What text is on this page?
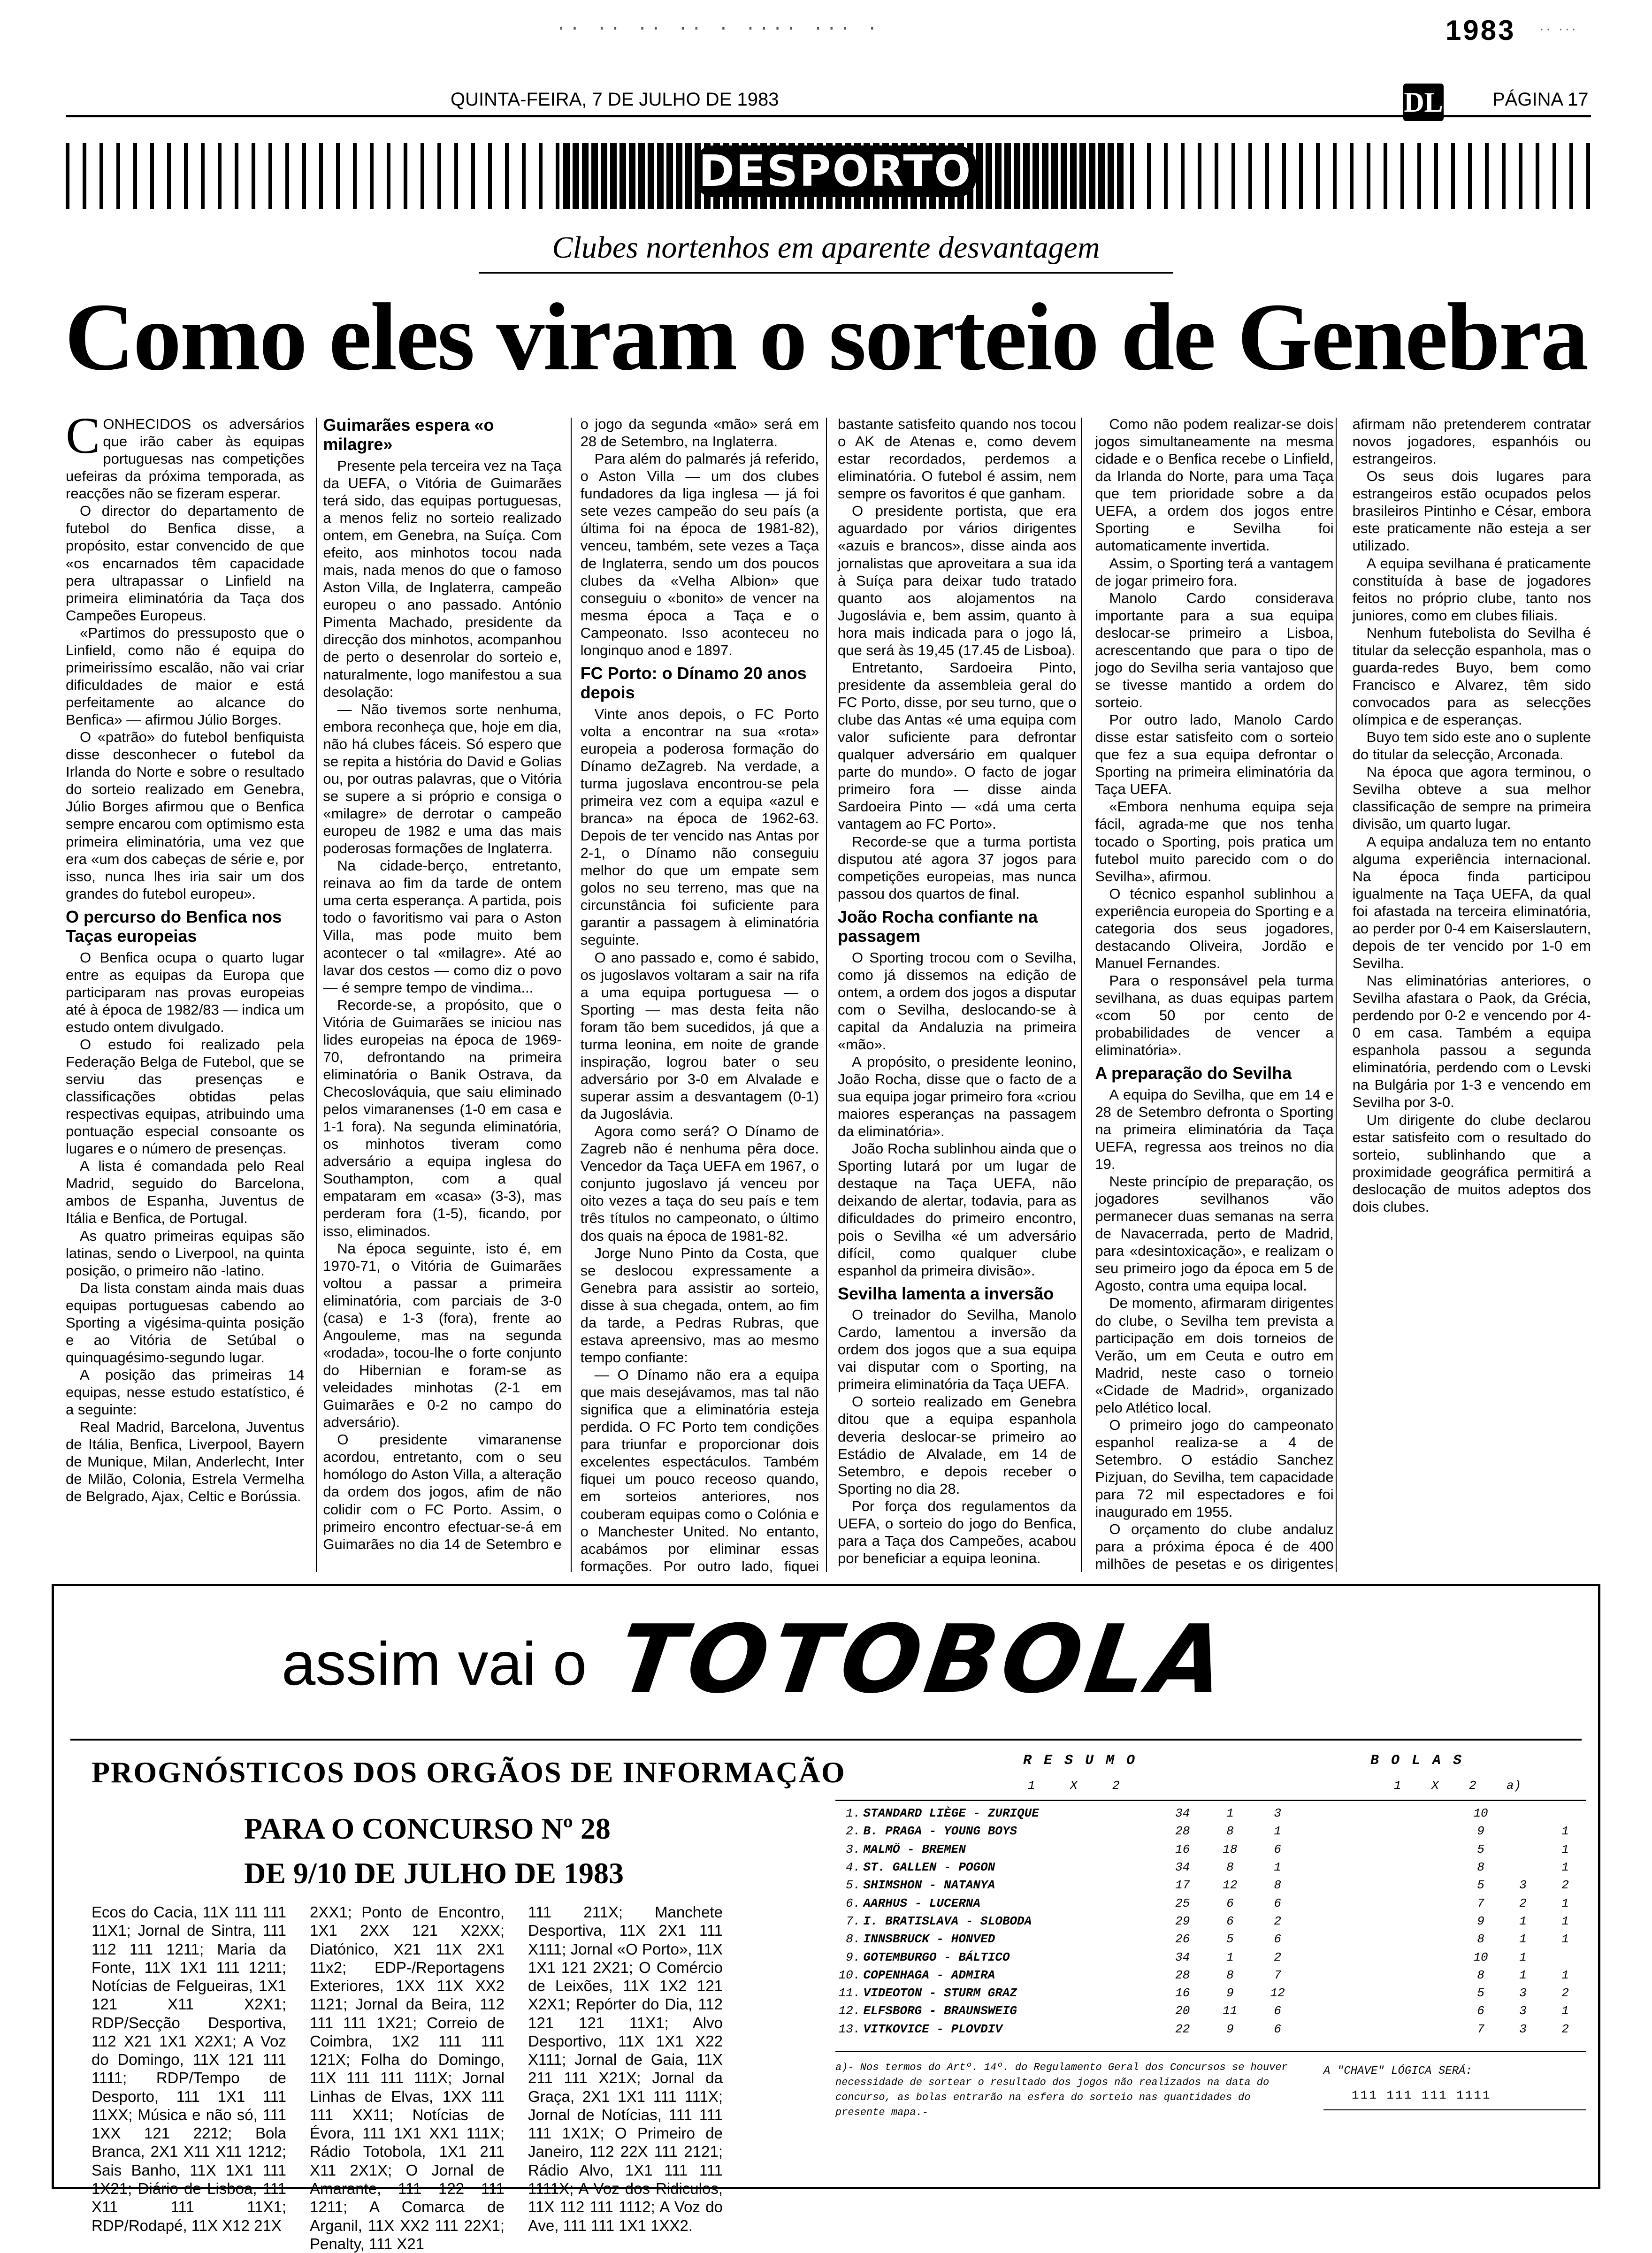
·· ·· ·· ·· · ···· ··· ·	1983 ·· ···
QUINTA-FEIRA, 7 DE JULHO DE 1983	DL	PÁGINA 17
DESPORTO
Clubes nortenhos em aparente desvantagem
Como eles viram o sorteio de Genebra

CONHECIDOS os adversários que irão caber às equipas portuguesas nas competições uefeiras da próxima temporada, as reacções não se fizeram esperar.

O director do departamento de futebol do Benfica disse, a propósito, estar convencido de que «os encarnados têm capacidade pera ultrapassar o Linfield na primeira eliminatória da Taça dos Campeões Europeus.

«Partimos do pressuposto que o Linfield, como não é equipa do primeirissímo escalão, não vai criar dificuldades de maior e está perfeitamente ao alcance do Benfica» — afirmou Júlio Borges.

O «patrão» do futebol benfiquista disse desconhecer o futebol da Irlanda do Norte e sobre o resultado do sorteio realizado em Genebra, Júlio Borges afirmou que o Benfica sempre encarou com optimismo esta primeira eliminatória, uma vez que era «um dos cabeças de série e, por isso, nunca lhes iria sair um dos grandes do futebol europeu».

O percurso do Benfica nos Taças europeias

O Benfica ocupa o quarto lugar entre as equipas da Europa que participaram nas provas europeias até à época de 1982/83 — indica um estudo ontem divulgado.

O estudo foi realizado pela Federação Belga de Futebol, que se serviu das presenças e classificações obtidas pelas respectivas equipas, atribuindo uma pontuação especial consoante os lugares e o número de presenças.

A lista é comandada pelo Real Madrid, seguido do Barcelona, ambos de Espanha, Juventus de Itália e Benfica, de Portugal.

As quatro primeiras equipas são latinas, sendo o Liverpool, na quinta posição, o primeiro não -latino.

Da lista constam ainda mais duas equipas portuguesas cabendo ao Sporting a vigésima-quinta posição e ao Vitória de Setúbal o quinquagésimo-segundo lugar.

A posição das primeiras 14 equipas, nesse estudo estatístico, é a seguinte:

Real Madrid, Barcelona, Juventus de Itália, Benfica, Liverpool, Bayern de Munique, Milan, Anderlecht, Inter de Milão, Colonia, Estrela Vermelha de Belgrado, Ajax, Celtic e Borússia.

Guimarães espera «o milagre»

Presente pela terceira vez na Taça da UEFA, o Vitória de Guimarães terá sido, das equipas portuguesas, a menos feliz no sorteio realizado ontem, em Genebra, na Suíça. Com efeito, aos minhotos tocou nada mais, nada menos do que o famoso Aston Villa, de Inglaterra, campeão europeu o ano passado. António Pimenta Machado, presidente da direcção dos minhotos, acompanhou de perto o desenrolar do sorteio e, naturalmente, logo manifestou a sua desolação:

— Não tivemos sorte nenhuma, embora reconheça que, hoje em dia, não há clubes fáceis. Só espero que se repita a história do David e Golias ou, por outras palavras, que o Vitória se supere a si próprio e consiga o «milagre» de derrotar o campeão europeu de 1982 e uma das mais poderosas formações de Inglaterra.

Na cidade-berço, entretanto, reinava ao fim da tarde de ontem uma certa esperança. A partida, pois todo o favoritismo vai para o Aston Villa, mas pode muito bem acontecer o tal «milagre». Até ao lavar dos cestos — como diz o povo — é sempre tempo de vindima...

Recorde-se, a propósito, que o Vitória de Guimarães se iniciou nas lides europeias na época de 1969-70, defrontando na primeira eliminatória o Banik Ostrava, da Checoslováquia, que saiu eliminado pelos vimaranenses (1-0 em casa e 1-1 fora). Na segunda eliminatória, os minhotos tiveram como adversário a equipa inglesa do Southampton, com a qual empataram em «casa» (3-3), mas perderam fora (1-5), ficando, por isso, eliminados.

Na época seguinte, isto é, em 1970-71, o Vitória de Guimarães voltou a passar a primeira eliminatória, com parciais de 3-0 (casa) e 1-3 (fora), frente ao Angouleme, mas na segunda «rodada», tocou-lhe o forte conjunto do Hibernian e foram-se as veleidades minhotas (2-1 em Guimarães e 0-2 no campo do adversário).

O presidente vimaranense acordou, entretanto, com o seu homólogo do Aston Villa, a alteração da ordem dos jogos, afim de não colidir com o FC Porto. Assim, o primeiro encontro efectuar-se-á em Guimarães no dia 14 de Setembro e o jogo da segunda «mão» será em 28 de Setembro, na Inglaterra.

Para além do palmarés já referido, o Aston Villa — um dos clubes fundadores da liga inglesa — já foi sete vezes campeão do seu país (a última foi na época de 1981-82), venceu, também, sete vezes a Taça de Inglaterra, sendo um dos poucos clubes da «Velha Albion» que conseguiu o «bonito» de vencer na mesma época a Taça e o Campeonato. Isso aconteceu no longinquo anod e 1897.

FC Porto: o Dínamo 20 anos depois

Vinte anos depois, o FC Porto volta a encontrar na sua «rota» europeia a poderosa formação do Dínamo deZagreb. Na verdade, a turma jugoslava encontrou-se pela primeira vez com a equipa «azul e branca» na época de 1962-63. Depois de ter vencido nas Antas por 2-1, o Dínamo não conseguiu melhor do que um empate sem golos no seu terreno, mas que na circunstância foi suficiente para garantir a passagem à eliminatória seguinte.

O ano passado e, como é sabido, os jugoslavos voltaram a sair na rifa a uma equipa portuguesa — o Sporting — mas desta feita não foram tão bem sucedidos, já que a turma leonina, em noite de grande inspiração, logrou bater o seu adversário por 3-0 em Alvalade e superar assim a desvantagem (0-1) da Jugoslávia.

Agora como será? O Dínamo de Zagreb não é nenhuma pêra doce. Vencedor da Taça UEFA em 1967, o conjunto jugoslavo já venceu por oito vezes a taça do seu país e tem três títulos no campeonato, o último dos quais na época de 1981-82.

Jorge Nuno Pinto da Costa, que se deslocou expressamente a Genebra para assistir ao sorteio, disse à sua chegada, ontem, ao fim da tarde, a Pedras Rubras, que estava apreensivo, mas ao mesmo tempo confiante:

— O Dínamo não era a equipa que mais desejávamos, mas tal não significa que a eliminatória esteja perdida. O FC Porto tem condições para triunfar e proporcionar dois excelentes espectáculos. Também fiquei um pouco receoso quando, em sorteios anteriores, nos couberam equipas como o Colónia e o Manchester United. No entanto, acabámos por eliminar essas formações. Por outro lado, fiquei bastante satisfeito quando nos tocou o AK de Atenas e, como devem estar recordados, perdemos a eliminatória. O futebol é assim, nem sempre os favoritos é que ganham.

O presidente portista, que era aguardado por vários dirigentes «azuis e brancos», disse ainda aos jornalistas que aproveitara a sua ida à Suíça para deixar tudo tratado quanto aos alojamentos na Jugoslávia e, bem assim, quanto à hora mais indicada para o jogo lá, que será às 19,45 (17.45 de Lisboa).

Entretanto, Sardoeira Pinto, presidente da assembleia geral do FC Porto, disse, por seu turno, que o clube das Antas «é uma equipa com valor suficiente para defrontar qualquer adversário em qualquer parte do mundo». O facto de jogar primeiro fora — disse ainda Sardoeira Pinto — «dá uma certa vantagem ao FC Porto».

Recorde-se que a turma portista disputou até agora 37 jogos para competições europeias, mas nunca passou dos quartos de final.

João Rocha confiante na passagem

O Sporting trocou com o Sevilha, como já dissemos na edição de ontem, a ordem dos jogos a disputar com o Sevilha, deslocando-se à capital da Andaluzia na primeira «mão».

A propósito, o presidente leonino, João Rocha, disse que o facto de a sua equipa jogar primeiro fora «criou maiores esperanças na passagem da eliminatória».

João Rocha sublinhou ainda que o Sporting lutará por um lugar de destaque na Taça UEFA, não deixando de alertar, todavia, para as dificuldades do primeiro encontro, pois o Sevilha «é um adversário difícil, como qualquer clube espanhol da primeira divisão».

Sevilha lamenta a inversão

O treinador do Sevilha, Manolo Cardo, lamentou a inversão da ordem dos jogos que a sua equipa vai disputar com o Sporting, na primeira eliminatória da Taça UEFA.

O sorteio realizado em Genebra ditou que a equipa espanhola deveria deslocar-se primeiro ao Estádio de Alvalade, em 14 de Setembro, e depois receber o Sporting no dia 28.

Por força dos regulamentos da UEFA, o sorteio do jogo do Benfica, para a Taça dos Campeões, acabou por beneficiar a equipa leonina.

Como não podem realizar-se dois jogos simultaneamente na mesma cidade e o Benfica recebe o Linfield, da Irlanda do Norte, para uma Taça que tem prioridade sobre a da UEFA, a ordem dos jogos entre Sporting e Sevilha foi automaticamente invertida.

Assim, o Sporting terá a vantagem de jogar primeiro fora.

Manolo Cardo considerava importante para a sua equipa deslocar-se primeiro a Lisboa, acrescentando que para o tipo de jogo do Sevilha seria vantajoso que se tivesse mantido a ordem do sorteio.

Por outro lado, Manolo Cardo disse estar satisfeito com o sorteio que fez a sua equipa defrontar o Sporting na primeira eliminatória da Taça UEFA.

«Embora nenhuma equipa seja fácil, agrada-me que nos tenha tocado o Sporting, pois pratica um futebol muito parecido com o do Sevilha», afirmou.

O técnico espanhol sublinhou a experiência europeia do Sporting e a categoria dos seus jogadores, destacando Oliveira, Jordão e Manuel Fernandes.

Para o responsável pela turma sevilhana, as duas equipas partem «com 50 por cento de probabilidades de vencer a eliminatória».

A preparação do Sevilha

A equipa do Sevilha, que em 14 e 28 de Setembro defronta o Sporting na primeira eliminatória da Taça UEFA, regressa aos treinos no dia 19.

Neste princípio de preparação, os jogadores sevilhanos vão permanecer duas semanas na serra de Navacerrada, perto de Madrid, para «desintoxicação», e realizam o seu primeiro jogo da época em 5 de Agosto, contra uma equipa local.

De momento, afirmaram dirigentes do clube, o Sevilha tem prevista a participação em dois torneios de Verão, um em Ceuta e outro em Madrid, neste caso o torneio «Cidade de Madrid», organizado pelo Atlético local.

O primeiro jogo do campeonato espanhol realiza-se a 4 de Setembro. O estádio Sanchez Pizjuan, do Sevilha, tem capacidade para 72 mil espectadores e foi inaugurado em 1955.

O orçamento do clube andaluz para a próxima época é de 400 milhões de pesetas e os dirigentes afirmam não pretenderem contratar novos jogadores, espanhóis ou estrangeiros.

Os seus dois lugares para estrangeiros estão ocupados pelos brasileiros Pintinho e César, embora este praticamente não esteja a ser utilizado.

A equipa sevilhana é praticamente constituída à base de jogadores feitos no próprio clube, tanto nos juniores, como em clubes filiais.

Nenhum futebolista do Sevilha é titular da selecção espanhola, mas o guarda-redes Buyo, bem como Francisco e Alvarez, têm sido convocados para as selecções olímpica e de esperanças.

Buyo tem sido este ano o suplente do titular da selecção, Arconada.

Na época que agora terminou, o Sevilha obteve a sua melhor classificação de sempre na primeira divisão, um quarto lugar.

A equipa andaluza tem no entanto alguma experiência internacional. Na época finda participou igualmente na Taça UEFA, da qual foi afastada na terceira eliminatória, ao perder por 0-4 em Kaiserslautern, depois de ter vencido por 1-0 em Sevilha.

Nas eliminatórias anteriores, o Sevilha afastara o Paok, da Grécia, perdendo por 0-2 e vencendo por 4-0 em casa. Também a equipa espanhola passou a segunda eliminatória, perdendo com o Levski na Bulgária por 1-3 e vencendo em Sevilha por 3-0.

Um dirigente do clube declarou estar satisfeito com o resultado do sorteio, sublinhando que a proximidade geográfica permitirá a deslocação de muitos adeptos dos dois clubes.

assim vai o TOTOBOLA
PROGNÓSTICOS DOS ORGÃOS DE INFORMAÇÃO
PARA O CONCURSO Nº 28
DE 9/10 DE JULHO DE 1983

Ecos do Cacia, 11X 111 111 11X1; Jornal de Sintra, 111 112 111 1211; Maria da Fonte, 11X 1X1 111 1211; Notícias de Felgueiras, 1X1 121 X11 X2X1; RDP/Secção Desportiva, 112 X21 1X1 X2X1; A Voz do Domingo, 11X 121 111 1111; RDP/Tempo de Desporto, 111 1X1 111 11XX; Música e não só, 111 1XX 121 2212; Bola Branca, 2X1 X11 X11 1212; Sais Banho, 11X 1X1 111 1X21; Diário de Lisboa, 111 X11 111 11X1; RDP/Rodapé, 11X X12 21X

2XX1; Ponto de Encontro, 1X1 2XX 121 X2XX; Diatónico, X21 11X 2X1 11x2; EDP-/Reportagens Exteriores, 1XX 11X XX2 1121; Jornal da Beira, 112 111 111 1X21; Correio de Coimbra, 1X2 111 111 121X; Folha do Domingo, 11X 111 111 111X; Jornal Linhas de Elvas, 1XX 111 111 XX11; Notícias de Évora, 111 1X1 XX1 111X; Rádio Totobola, 1X1 211 X11 2X1X; O Jornal de Amarante, 111 122 111 1211; A Comarca de Arganil, 11X XX2 111 22X1; Penalty, 111 X21

111 211X; Manchete Desportiva, 11X 2X1 111 X111; Jornal «O Porto», 11X 1X1 121 2X21; O Comércio de Leixões, 11X 1X2 121 X2X1; Repórter do Dia, 112 121 121 11X1; Alvo Desportivo, 11X 1X1 X22 X111; Jornal de Gaia, 11X 211 111 X21X; Jornal da Graça, 2X1 1X1 111 111X; Jornal de Notícias, 111 111 111 1X1X; O Primeiro de Janeiro, 112 22X 111 2121; Rádio Alvo, 1X1 111 111 1111X; A Voz dos Ridiculos, 11X 112 111 1112; A Voz do Ave, 111 111 1X1 1XX2.

R E S U M O	B O L A S
1	X	2	1 X 2 a)
1.	STANDARD LIÈGE - ZURIQUE	34	1	3		10		
2.	B. PRAGA - YOUNG BOYS	28	8	1		9		1
3.	MALMÖ - BREMEN	16	18	6		5		1
4.	ST. GALLEN - POGON	34	8	1		8		1
5.	SHIMSHON - NATANYA	17	12	8		5	3	2
6.	AARHUS - LUCERNA	25	6	6		7	2	1
7.	I. BRATISLAVA - SLOBODA	29	6	2		9	1	1
8.	INNSBRUCK - HONVED	26	5	6		8	1	1
9.	GOTEMBURGO - BÁLTICO	34	1	2		10	1	
10.	COPENHAGA - ADMIRA	28	8	7		8	1	1
11.	VIDEOTON - STURM GRAZ	16	9	12		5	3	2
12.	ELFSBORG - BRAUNSWEIG	20	11	6		6	3	1
13.	VITKOVICE - PLOVDIV	22	9	6		7	3	2
a)- Nos termos do Artº. 14º. do Regulamento Geral dos Concursos se houver necessidade de sortear o resultado dos jogos não realizados na data do concurso, as bolas entrarão na esfera do sorteio nas quantidades do presente mapa.-
A "CHAVE" LÓGICA SERÁ:
111 111 111 1111
